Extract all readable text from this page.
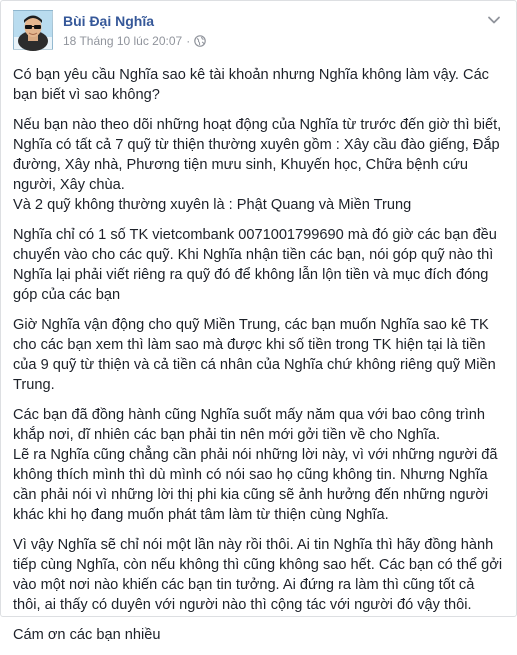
Bùi Đại Nghĩa
18 Tháng 10 lúc 20:07 ·

Có bạn yêu cầu Nghĩa sao kê tài khoản nhưng Nghĩa không làm vậy. Các bạn biết vì sao không?

Nếu bạn nào theo dõi những hoạt động của Nghĩa từ trước đến giờ thì biết, Nghĩa có tất cả 7 quỹ từ thiện thường xuyên gồm : Xây cầu đào giếng, Đắp đường, Xây nhà, Phương tiện mưu sinh, Khuyến học, Chữa bệnh cứu người, Xây chùa.
Và 2 quỹ không thường xuyên là : Phật Quang và Miền Trung

Nghĩa chỉ có 1 số TK vietcombank 0071001799690 mà đó giờ các bạn đều chuyển vào cho các quỹ. Khi Nghĩa nhận tiền các bạn, nói góp quỹ nào thì Nghĩa lại phải viết riêng ra quỹ đó để không lẫn lộn tiền và mục đích đóng góp của các bạn

Giờ Nghĩa vận động cho quỹ Miền Trung, các bạn muốn Nghĩa sao kê TK cho các bạn xem thì làm sao mà được khi số tiền trong TK hiện tại là tiền của 9 quỹ từ thiện và cả tiền cá nhân của Nghĩa chứ không riêng quỹ Miền Trung.

Các bạn đã đồng hành cũng Nghĩa suốt mấy năm qua với bao công trình khắp nơi, dĩ nhiên các bạn phải tin nên mới gởi tiền về cho Nghĩa.
Lẽ ra Nghĩa cũng chẳng cần phải nói những lời này, vì với những người đã không thích mình thì dù mình có nói sao họ cũng không tin. Nhưng Nghĩa cần phải nói vì những lời thị phi kia cũng sẽ ảnh hưởng đến những người khác khi họ đang muốn phát tâm làm từ thiện cùng Nghĩa.

Vì vậy Nghĩa sẽ chỉ nói một lần này rồi thôi. Ai tin Nghĩa thì hãy đồng hành tiếp cùng Nghĩa, còn nếu không thì cũng không sao hết. Các bạn có thể gởi vào một nơi nào khiến các bạn tin tưởng. Ai đứng ra làm thì cũng tốt cả thôi, ai thấy có duyên với người nào thì cộng tác với người đó vậy thôi.

Cám ơn các bạn nhiều
